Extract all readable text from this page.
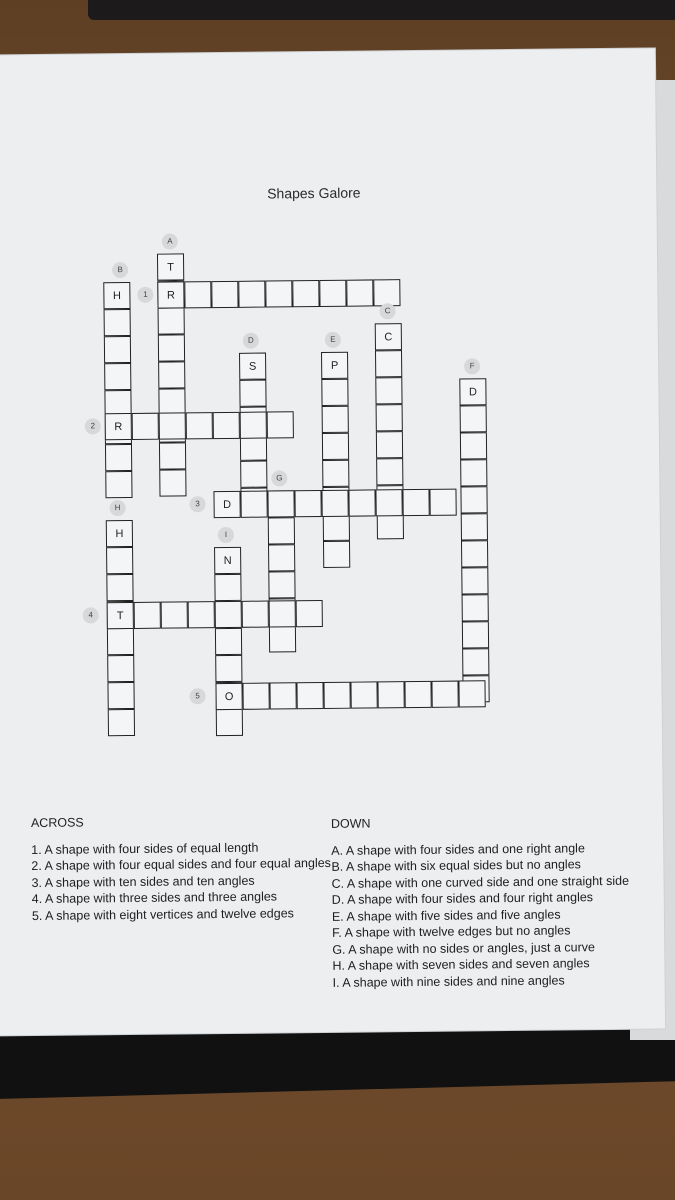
Shapes Galore
T
H
C
S	P
D
H
N
R
R
D
T
O
A
B
1
C
D	E
F
2
G
H	3
I
4
5
ACROSS
1. A shape with four sides of equal length
2. A shape with four equal sides and four equal angles
3. A shape with ten sides and ten angles
4. A shape with three sides and three angles
5. A shape with eight vertices and twelve edges
DOWN
A. A shape with four sides and one right angle
B. A shape with six equal sides but no angles
C. A shape with one curved side and one straight side
D. A shape with four sides and four right angles
E. A shape with five sides and five angles
F. A shape with twelve edges but no angles
G. A shape with no sides or angles, just a curve
H. A shape with seven sides and seven angles
I. A shape with nine sides and nine angles
